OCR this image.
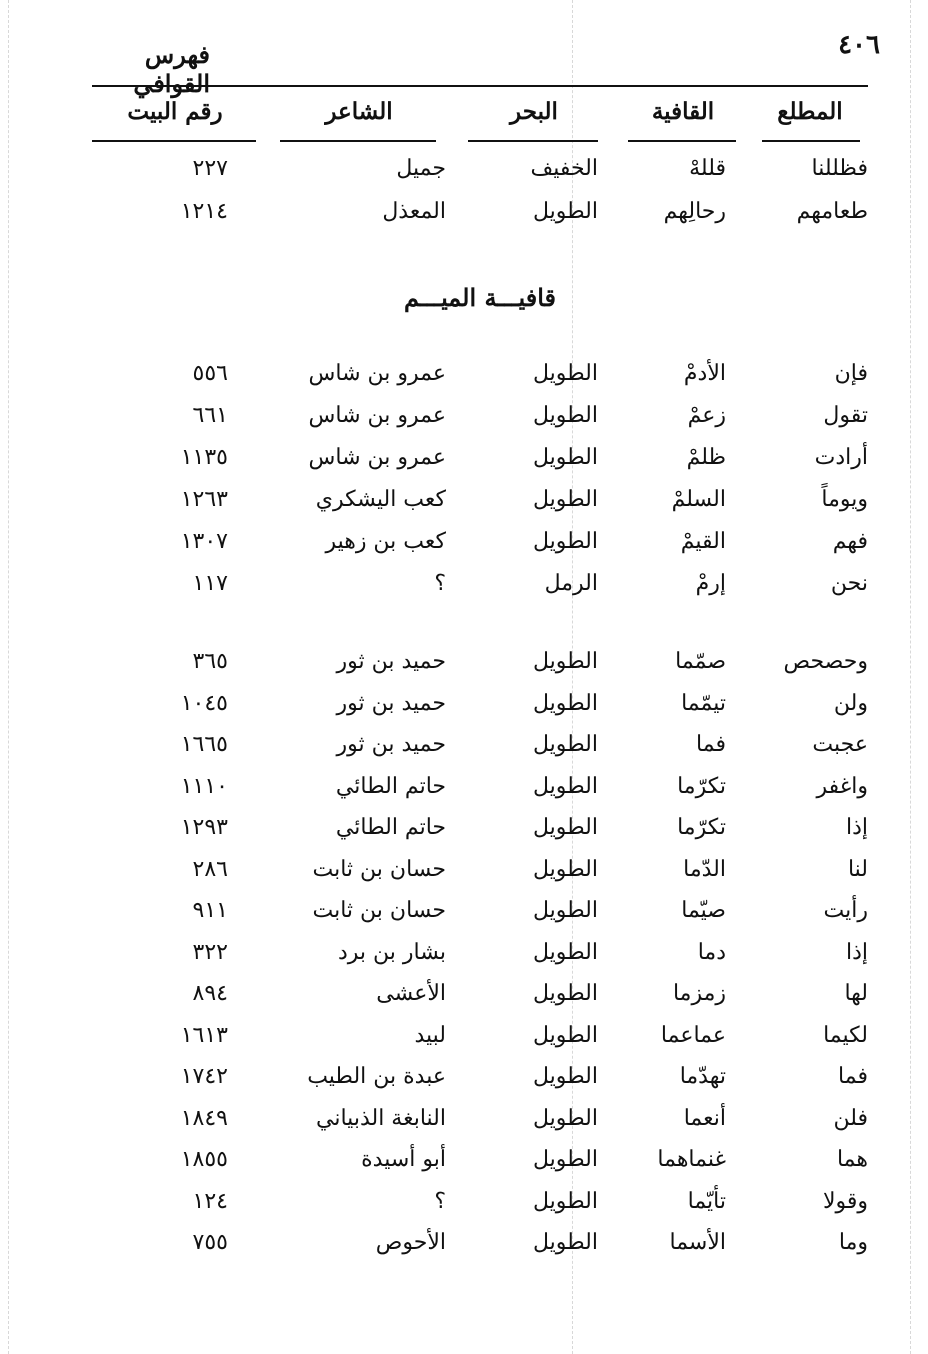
٤٠٦
فهرس القوافي
المطلع
القافية
البحر
الشاعر
رقم البيت
قافيـــة الميـــم
فظللنا
قللهْ
الخفيف
جميل
٢٢٧
طعامهم
رحالِهم
الطويل
المعذل
١٢١٤
فإن
الأدمْ
الطويل
عمرو بن شاس
٥٥٦
تقول
زعمْ
الطويل
عمرو بن شاس
٦٦١
أرادت
ظلمْ
الطويل
عمرو بن شاس
١١٣٥
ويوماً
السلمْ
الطويل
كعب اليشكري
١٢٦٣
فهم
القيمْ
الطويل
كعب بن زهير
١٣٠٧
نحن
إرمْ
الرمل
؟
١١٧
وحصحص
صمّما
الطويل
حميد بن ثور
٣٦٥
ولن
تيمّما
الطويل
حميد بن ثور
١٠٤٥
عجبت
فما
الطويل
حميد بن ثور
١٦٦٥
واغفر
تكرّما
الطويل
حاتم الطائي
١١١٠
إذا
تكرّما
الطويل
حاتم الطائي
١٢٩٣
لنا
الدّما
الطويل
حسان بن ثابت
٢٨٦
رأيت
صيّما
الطويل
حسان بن ثابت
٩١١
إذا
دما
الطويل
بشار بن برد
٣٢٢
لها
زمزما
الطويل
الأعشى
٨٩٤
لكيما
عماعما
الطويل
لبيد
١٦١٣
فما
تهدّما
الطويل
عبدة بن الطيب
١٧٤٢
فلن
أنعما
الطويل
النابغة الذبياني
١٨٤٩
هما
غنماهما
الطويل
أبو أسيدة
١٨٥٥
وقولا
تأيّما
الطويل
؟
١٢٤
وما
الأسما
الطويل
الأحوص
٧٥٥
